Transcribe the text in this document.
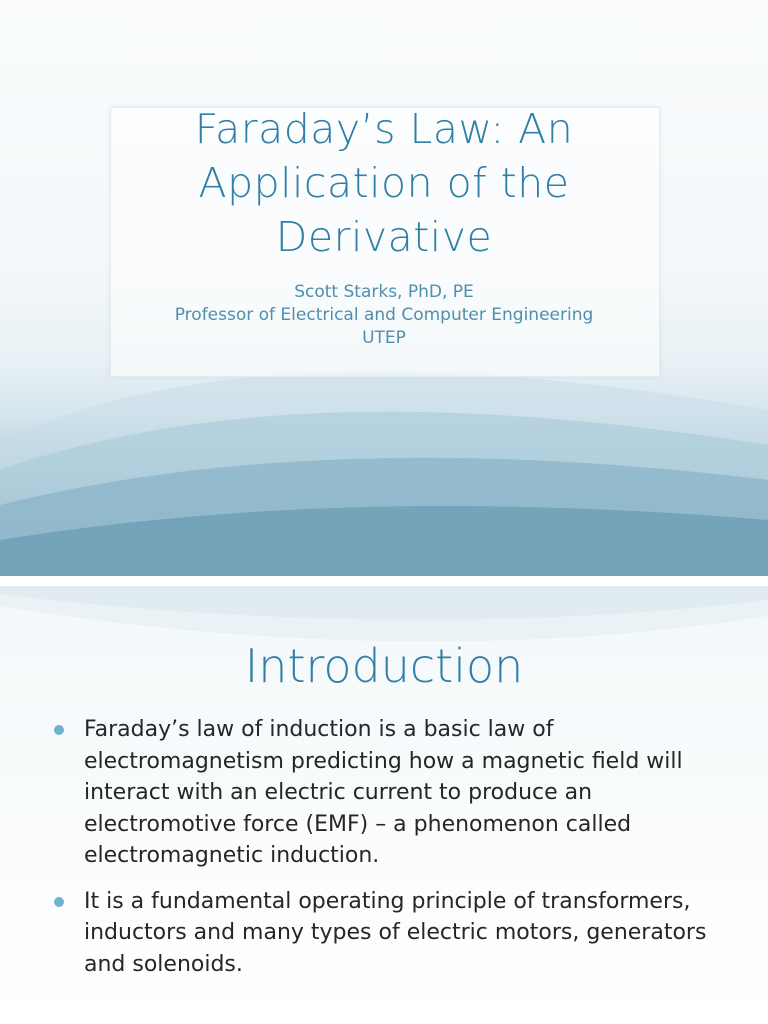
Faraday’s Law: An
Application of the
Derivative
Scott Starks, PhD, PE
Professor of Electrical and Computer Engineering
UTEP
Introduction
Faraday’s law of induction is a basic law of electromagnetism predicting how a magnetic field will interact with an electric current to produce an electromotive force (EMF) – a phenomenon called electromagnetic induction.
It is a fundamental operating principle of transformers, inductors and many types of electric motors, generators and solenoids.
